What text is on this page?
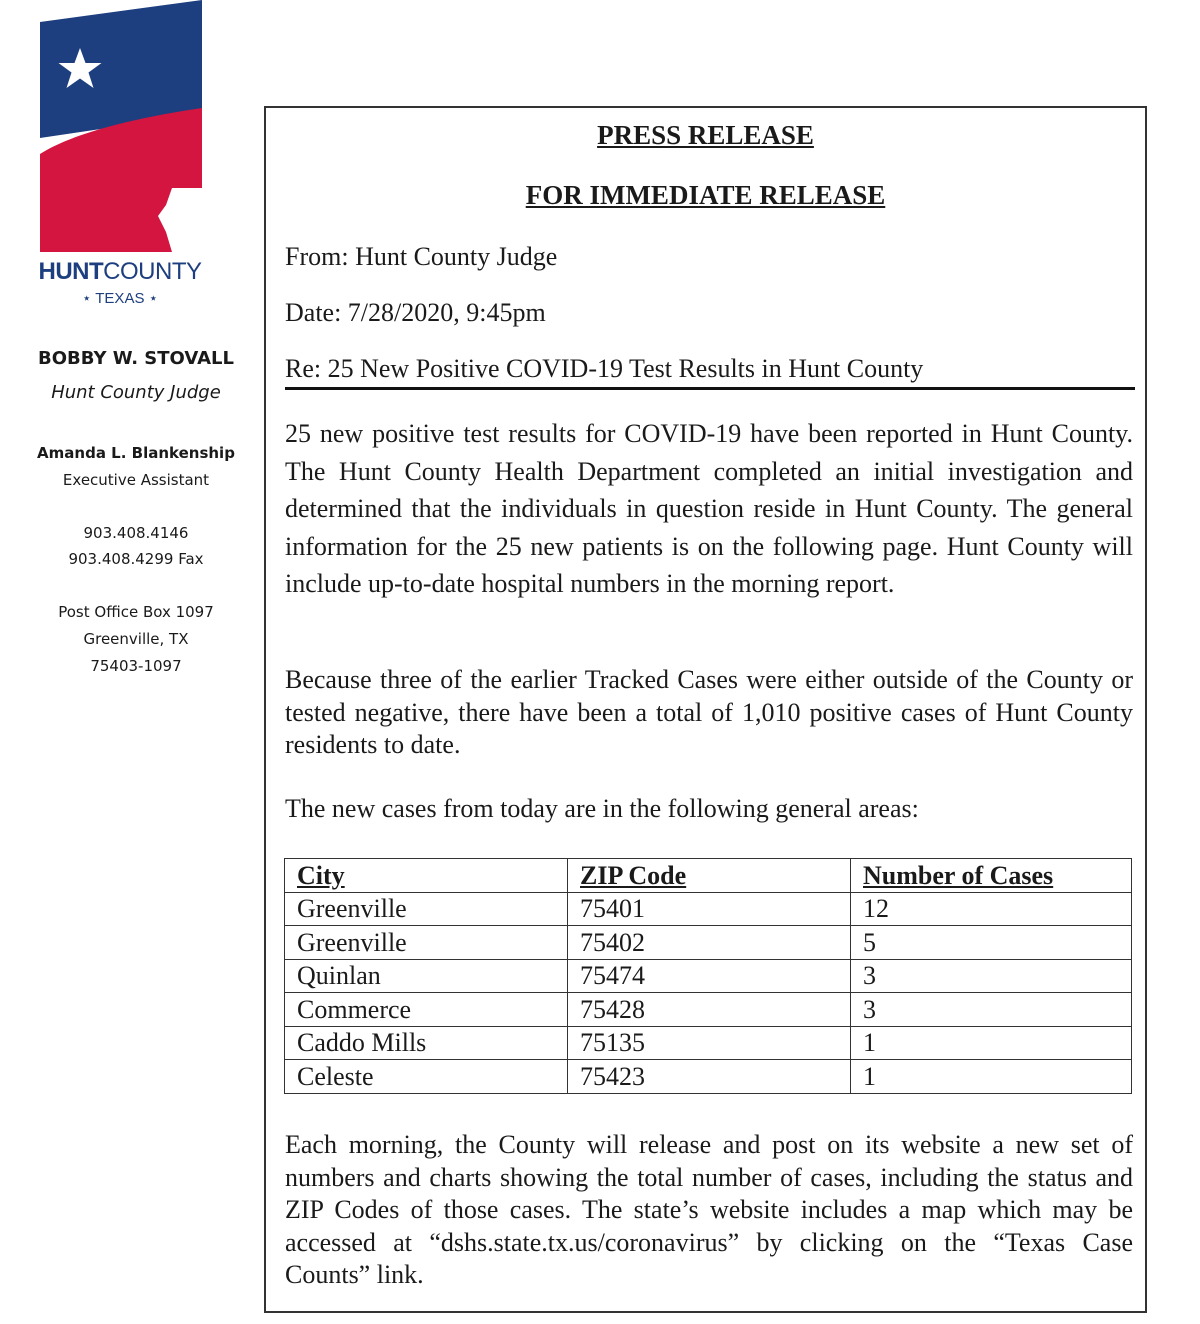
HUNTCOUNTY
⋆ TEXAS ⋆
BOBBY W. STOVALL
Hunt County Judge
Amanda L. Blankenship
Executive Assistant
903.408.4146
903.408.4299 Fax
Post Office Box 1097
Greenville, TX
75403-1097
PRESS RELEASE
FOR IMMEDIATE RELEASE
From: Hunt County Judge
Date: 7/28/2020, 9:45pm
Re: 25 New Positive COVID-19 Test Results in Hunt County
25 new positive test results for COVID-19 have been reported in Hunt County. The Hunt County Health Department completed an initial investigation and determined that the individuals in question reside in Hunt County. The general information for the 25 new patients is on the following page. Hunt County will include up-to-date hospital numbers in the morning report.
Because three of the earlier Tracked Cases were either outside of the County or tested negative, there have been a total of 1,010 positive cases of Hunt County residents to date.
The new cases from today are in the following general areas:
City	ZIP Code	Number of Cases
Greenville	75401	12
Greenville	75402	5
Quinlan	75474	3
Commerce	75428	3
Caddo Mills	75135	1
Celeste	75423	1
Each morning, the County will release and post on its website a new set of numbers and charts showing the total number of cases, including the status and ZIP Codes of those cases. The state’s website includes a map which may be accessed at “dshs.state.tx.us/coronavirus” by clicking on the “Texas Case Counts” link.
